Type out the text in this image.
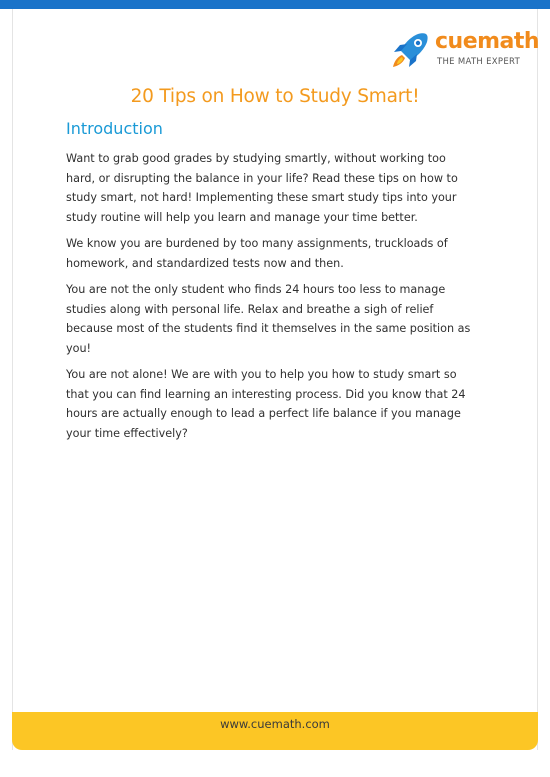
cuemath
THE MATH EXPERT
20 Tips on How to Study Smart!
Introduction

Want to grab good grades by studying smartly, without working too hard, or disrupting the balance in your life? Read these tips on how to study smart, not hard! Implementing these smart study tips into your study routine will help you learn and manage your time better.

We know you are burdened by too many assignments, truckloads of homework, and standardized tests now and then.

You are not the only student who finds 24 hours too less to manage studies along with personal life. Relax and breathe a sigh of relief because most of the students find it themselves in the same position as you!

You are not alone! We are with you to help you how to study smart so that you can find learning an interesting process. Did you know that 24 hours are actually enough to lead a perfect life balance if you manage your time effectively?

www.cuemath.com
